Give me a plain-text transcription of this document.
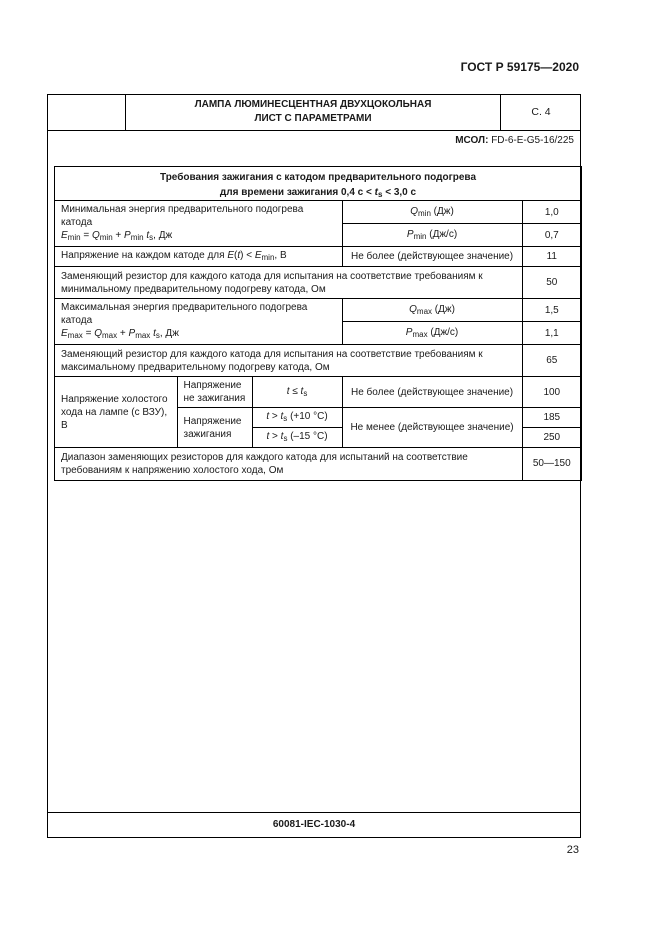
ГОСТ Р 59175—2020
ЛАМПА ЛЮМИНЕСЦЕНТНАЯ ДВУХЦОКОЛЬНАЯ
ЛИСТ С ПАРАМЕТРАМИ
С. 4
МСОЛ: FD-6-E-G5-16/225
Требования зажигания с катодом предварительного подогрева
для времени зажигания 0,4 $с < t_s < 3,0$ с
Минимальная энергия предварительного подогрева катода
$E_{min} = Q_{min} + P_{min}$ $t_s$, Дж			$Q_{min}$ (Дж)	1,0
			$P_{min}$ (Дж/с)	0,7
Напряжение на каждом катоде для $E(t) < E_{min}$, В			Не более (действующее значение)	11
Заменяющий резистор для каждого катода для испытания на соответствие требованиям к минимальному предварительному подогреву катода, Ом				50
Максимальная энергия предварительного подогрева катода
$E_{max} = Q_{max} + P_{max}$ $t_s$, Дж			$Q_{max}$ (Дж)	1,5
			$P_{max}$ (Дж/с)	1,1
Заменяющий резистор для каждого катода для испытания на соответствие требованиям к максимальному предварительному подогреву катода, Ом				65
Напряжение холостого хода на лампе (с ВЗУ), В	Напряжение не зажигания	$t \le t_s$	Не более (действующее значение)	100
	Напряжение зажигания	$t > t_s$ (+10 °C)	Не менее (действующее значение)	185
		$t > t_s$ (–15 °C)		250
Диапазон заменяющих резисторов для каждого катода для испытаний на соответствие требованиям к напряжению холостого хода, Ом				50—150
60081-IEC-1030-4
23
